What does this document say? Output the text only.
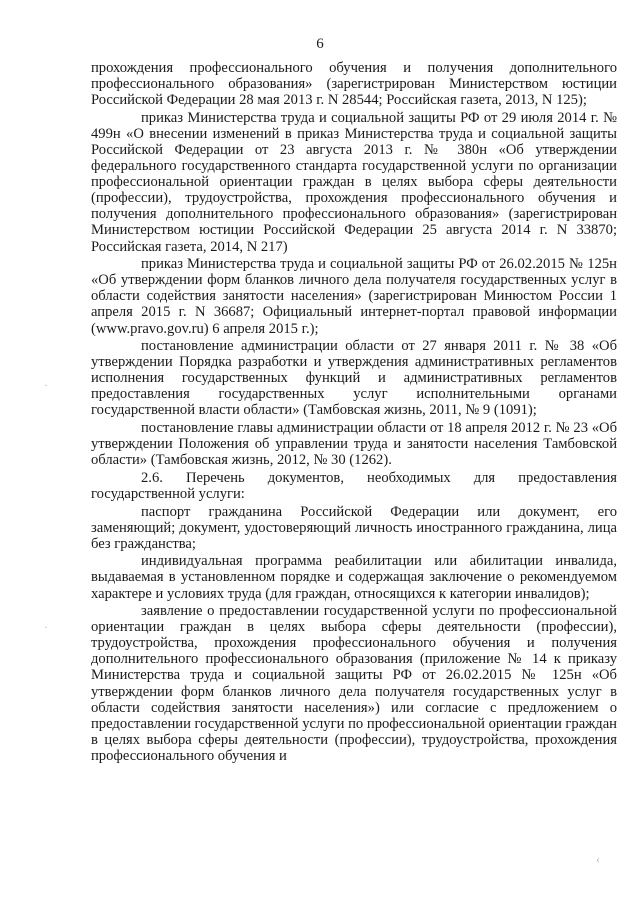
6

прохождения профессионального обучения и получения дополнительного профессионального образования» (зарегистрирован Министерством юстиции Российской Федерации 28 мая 2013 г. N 28544; Российская газета, 2013, N 125);

приказ Министерства труда и социальной защиты РФ от 29 июля 2014 г. № 499н «О внесении изменений в приказ Министерства труда и социальной защиты Российской Федерации от 23 августа 2013 г. № 380н «Об утверждении федерального государственного стандарта государственной услуги по организации профессиональной ориентации граждан в целях выбора сферы деятельности (профессии), трудоустройства, прохождения профессионального обучения и получения дополнительного профессионального образования» (зарегистрирован Министерством юстиции Российской Федерации 25 августа 2014 г. N 33870; Российская газета, 2014, N 217)

приказ Министерства труда и социальной защиты РФ от 26.02.2015 № 125н «Об утверждении форм бланков личного дела получателя государственных услуг в области содействия занятости населения» (зарегистрирован Минюстом России 1 апреля 2015 г. N 36687; Официальный интернет-портал правовой информации (www.pravo.gov.ru) 6 апреля 2015 г.);

постановление администрации области от 27 января 2011 г. № 38 «Об утверждении Порядка разработки и утверждения административных регламентов исполнения государственных функций и административных регламентов предоставления государственных услуг исполнительными органами государственной власти области» (Тамбовская жизнь, 2011, № 9 (1091);

постановление главы администрации области от 18 апреля 2012 г. № 23 «Об утверждении Положения об управлении труда и занятости населения Тамбовской области» (Тамбовская жизнь, 2012, № 30 (1262).

2.6. Перечень документов, необходимых для предоставления государственной услуги:

паспорт гражданина Российской Федерации или документ, его заменяющий; документ, удостоверяющий личность иностранного гражданина, лица без гражданства;

индивидуальная программа реабилитации или абилитации инвалида, выдаваемая в установленном порядке и содержащая заключение о рекомендуемом характере и условиях труда (для граждан, относящихся к категории инвалидов);

заявление о предоставлении государственной услуги по профессиональной ориентации граждан в целях выбора сферы деятельности (профессии), трудоустройства, прохождения профессионального обучения и получения дополнительного профессионального образования (приложение № 14 к приказу Министерства труда и социальной защиты РФ от 26.02.2015 № 125н «Об утверждении форм бланков личного дела получателя государственных услуг в области содействия занятости населения») или согласие с предложением о предоставлении государственной услуги по профессиональной ориентации граждан в целях выбора сферы деятельности (профессии), трудоустройства, прохождения профессионального обучения и

·
·
‹
